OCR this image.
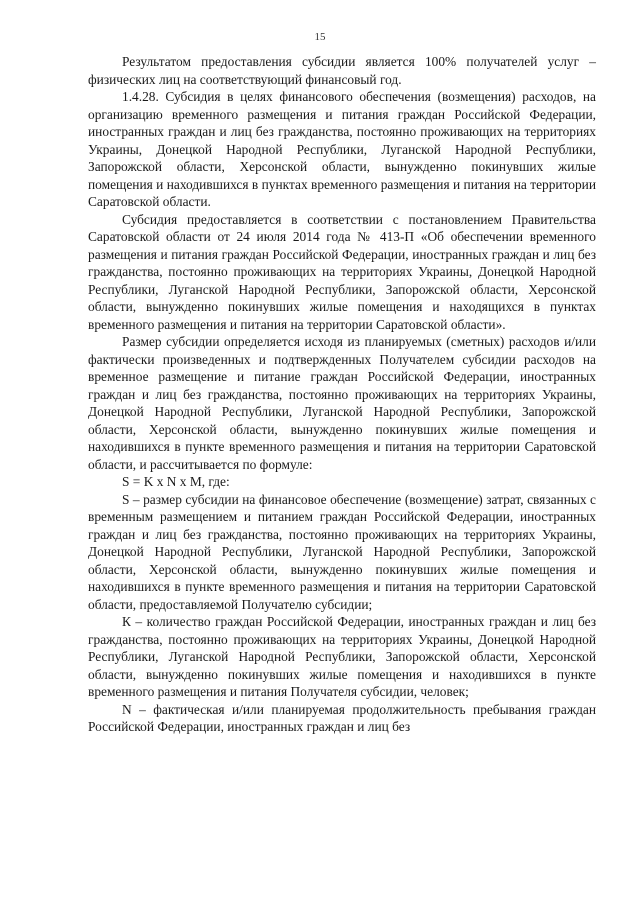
15

Результатом предоставления субсидии является 100% получателей услуг – физических лиц на соответствующий финансовый год.

1.4.28. Субсидия в целях финансового обеспечения (возмещения) расходов, на организацию временного размещения и питания граждан Российской Федерации, иностранных граждан и лиц без гражданства, постоянно проживающих на территориях Украины, Донецкой Народной Республики, Луганской Народной Республики, Запорожской области, Херсонской области, вынужденно покинувших жилые помещения и находившихся в пунктах временного размещения и питания на территории Саратовской области.

Субсидия предоставляется в соответствии с постановлением Правительства Саратовской области от 24 июля 2014 года № 413-П «Об обеспечении временного размещения и питания граждан Российской Федерации, иностранных граждан и лиц без гражданства, постоянно проживающих на территориях Украины, Донецкой Народной Республики, Луганской Народной Республики, Запорожской области, Херсонской области, вынужденно покинувших жилые помещения и находящихся в пунктах временного размещения и питания на территории Саратовской области».

Размер субсидии определяется исходя из планируемых (сметных) расходов и/или фактически произведенных и подтвержденных Получателем субсидии расходов на временное размещение и питание граждан Российской Федерации, иностранных граждан и лиц без гражданства, постоянно проживающих на территориях Украины, Донецкой Народной Республики, Луганской Народной Республики, Запорожской области, Херсонской области, вынужденно покинувших жилые помещения и находившихся в пункте временного размещения и питания на территории Саратовской области, и рассчитывается по формуле:

S = K x N x M, где:

S – размер субсидии на финансовое обеспечение (возмещение) затрат, связанных с временным размещением и питанием граждан Российской Федерации, иностранных граждан и лиц без гражданства, постоянно проживающих на территориях Украины, Донецкой Народной Республики, Луганской Народной Республики, Запорожской области, Херсонской области, вынужденно покинувших жилые помещения и находившихся в пункте временного размещения и питания на территории Саратовской области, предоставляемой Получателю субсидии;

К – количество граждан Российской Федерации, иностранных граждан и лиц без гражданства, постоянно проживающих на территориях Украины, Донецкой Народной Республики, Луганской Народной Республики, Запорожской области, Херсонской области, вынужденно покинувших жилые помещения и находившихся в пункте временного размещения и питания Получателя субсидии, человек;

N – фактическая и/или планируемая продолжительность пребывания граждан Российской Федерации, иностранных граждан и лиц без
